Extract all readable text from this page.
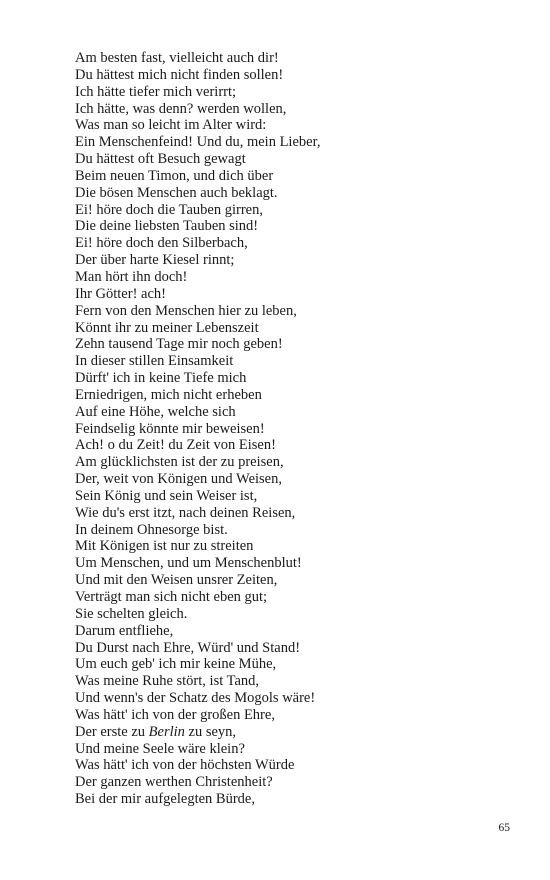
Am besten fast, vielleicht auch dir!
Du hättest mich nicht finden sollen!
Ich hätte tiefer mich verirrt;
Ich hätte, was denn? werden wollen,
Was man so leicht im Alter wird:
Ein Menschenfeind! Und du, mein Lieber,
Du hättest oft Besuch gewagt
Beim neuen Timon, und dich über
Die bösen Menschen auch beklagt.
Ei! höre doch die Tauben girren,
Die deine liebsten Tauben sind!
Ei! höre doch den Silberbach,
Der über harte Kiesel rinnt;
Man hört ihn doch!
Ihr Götter! ach!
Fern von den Menschen hier zu leben,
Könnt ihr zu meiner Lebenszeit
Zehn tausend Tage mir noch geben!
In dieser stillen Einsamkeit
Dürft' ich in keine Tiefe mich
Erniedrigen, mich nicht erheben
Auf eine Höhe, welche sich
Feindselig könnte mir beweisen!
Ach! o du Zeit! du Zeit von Eisen!
Am glücklichsten ist der zu preisen,
Der, weit von Königen und Weisen,
Sein König und sein Weiser ist,
Wie du's erst itzt, nach deinen Reisen,
In deinem Ohnesorge bist.
Mit Königen ist nur zu streiten
Um Menschen, und um Menschenblut!
Und mit den Weisen unsrer Zeiten,
Verträgt man sich nicht eben gut;
Sie schelten gleich.
Darum entfliehe,
Du Durst nach Ehre, Würd' und Stand!
Um euch geb' ich mir keine Mühe,
Was meine Ruhe stört, ist Tand,
Und wenn's der Schatz des Mogols wäre!
Was hätt' ich von der großen Ehre,
Der erste zu Berlin zu seyn,
Und meine Seele wäre klein?
Was hätt' ich von der höchsten Würde
Der ganzen werthen Christenheit?
Bei der mir aufgelegten Bürde,
65
